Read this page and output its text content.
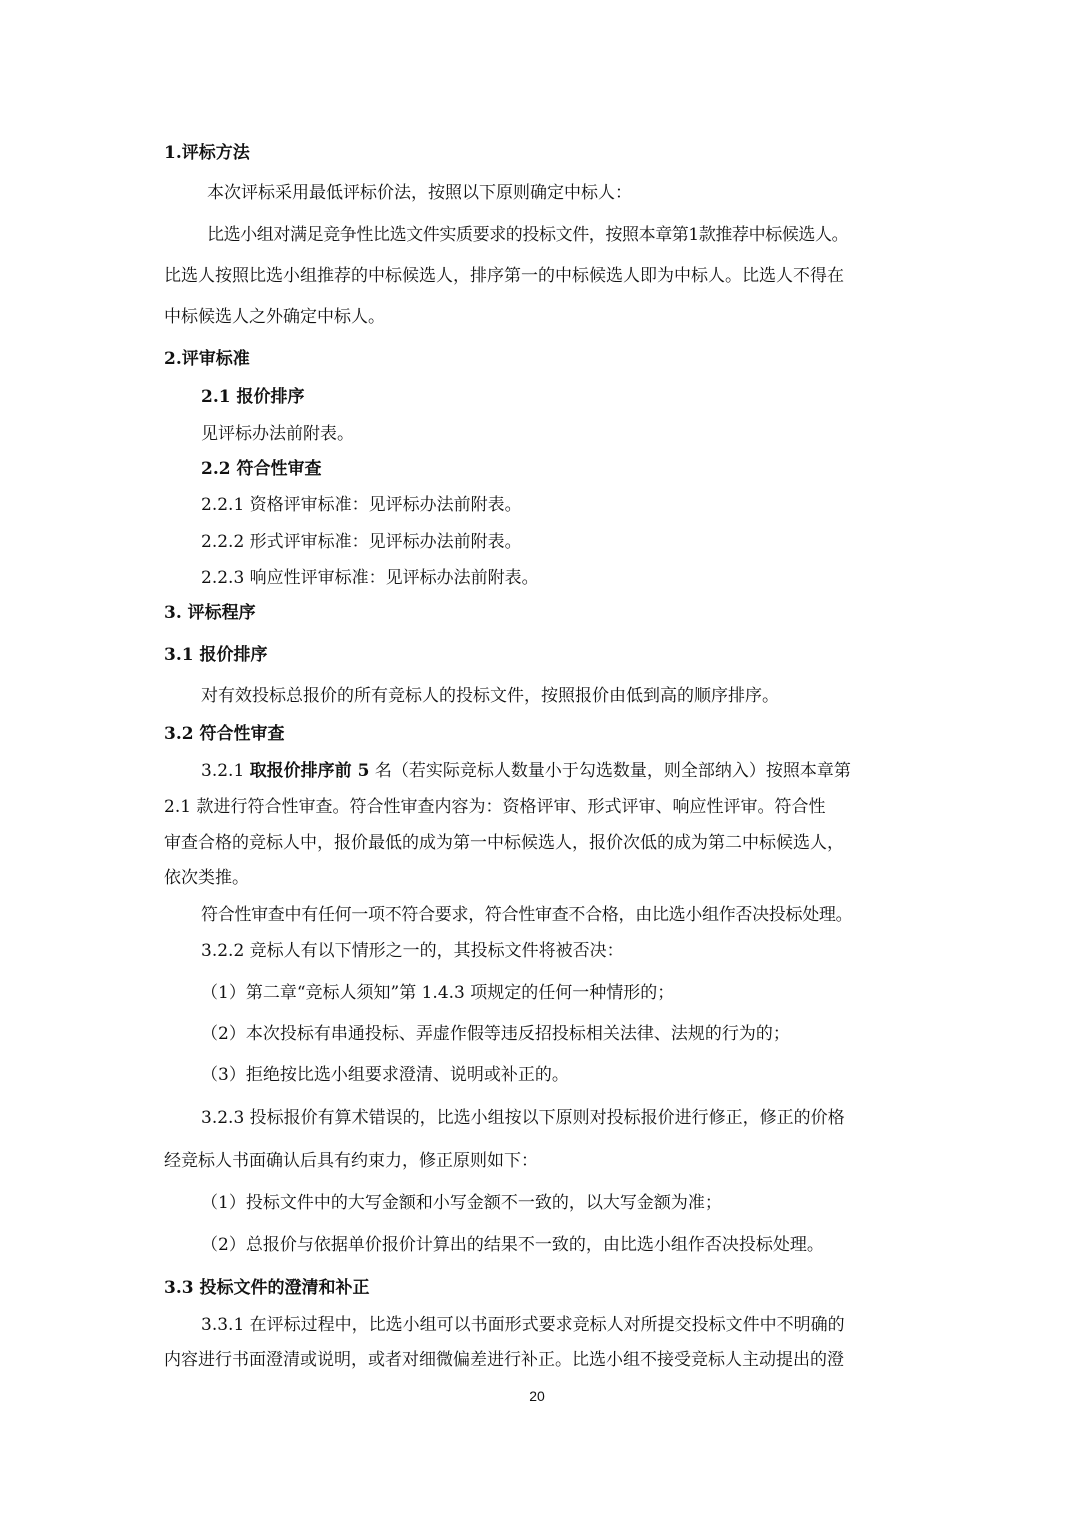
1.评标方法
本次评标采用最低评标价法，按照以下原则确定中标人：
比选小组对满足竞争性比选文件实质要求的投标文件，按照本章第1款推荐中标候选人。
比选人按照比选小组推荐的中标候选人，排序第一的中标候选人即为中标人。比选人不得在
中标候选人之外确定中标人。
2.评审标准
2.1 报价排序
见评标办法前附表。
2.2 符合性审查
2.2.1 资格评审标准：见评标办法前附表。
2.2.2 形式评审标准：见评标办法前附表。
2.2.3 响应性评审标准：见评标办法前附表。
3. 评标程序
3.1 报价排序
对有效投标总报价的所有竞标人的投标文件，按照报价由低到高的顺序排序。
3.2 符合性审查
3.2.1 取报价排序前 5 名（若实际竞标人数量小于勾选数量，则全部纳入）按照本章第
2.1 款进行符合性审查。符合性审查内容为：资格评审、形式评审、响应性评审。符合性
审查合格的竞标人中，报价最低的成为第一中标候选人，报价次低的成为第二中标候选人，
依次类推。
符合性审查中有任何一项不符合要求，符合性审查不合格，由比选小组作否决投标处理。
3.2.2 竞标人有以下情形之一的，其投标文件将被否决：
（1）第二章“竞标人须知”第 1.4.3 项规定的任何一种情形的；
（2）本次投标有串通投标、弄虚作假等违反招投标相关法律、法规的行为的；
（3）拒绝按比选小组要求澄清、说明或补正的。
3.2.3 投标报价有算术错误的，比选小组按以下原则对投标报价进行修正，修正的价格
经竞标人书面确认后具有约束力，修正原则如下：
（1）投标文件中的大写金额和小写金额不一致的，以大写金额为准；
（2）总报价与依据单价报价计算出的结果不一致的，由比选小组作否决投标处理。
3.3 投标文件的澄清和补正
3.3.1 在评标过程中，比选小组可以书面形式要求竞标人对所提交投标文件中不明确的
内容进行书面澄清或说明，或者对细微偏差进行补正。比选小组不接受竞标人主动提出的澄
20
